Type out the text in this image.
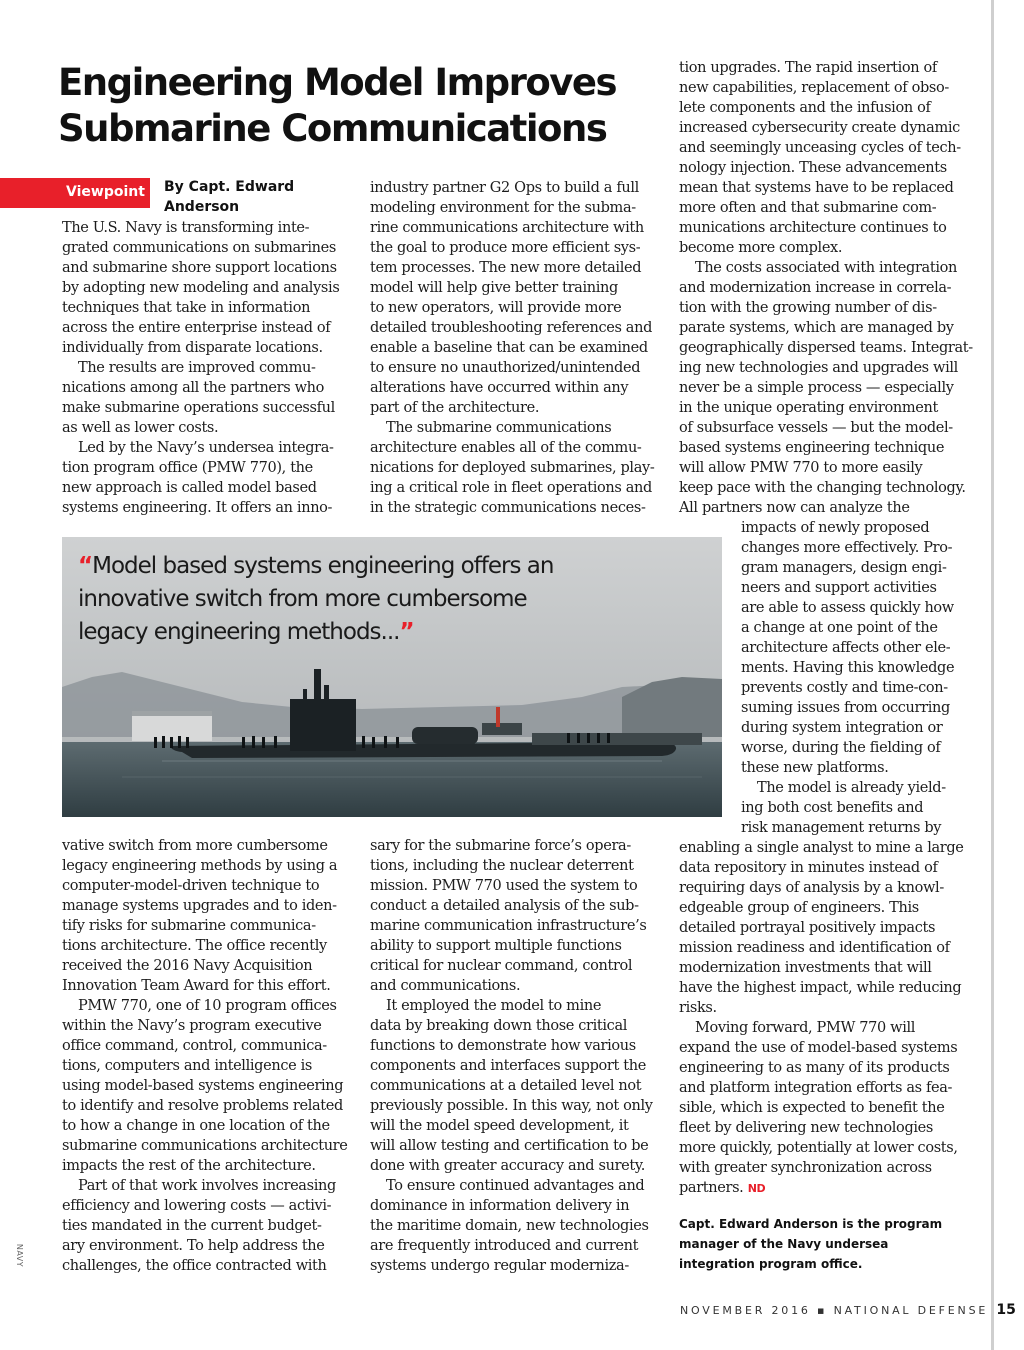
Engineering Model Improves Submarine Communications
Viewpoint By Capt. Edward Anderson

The U.S. Navy is transforming inte-
grated communications on submarines
and submarine shore support locations
by adopting new modeling and analysis
techniques that take in information
across the entire enterprise instead of
individually from disparate locations.

The results are improved commu-
nications among all the partners who
make submarine operations successful
as well as lower costs.

Led by the Navy’s undersea integra-
tion program office (PMW 770), the
new approach is called model based
systems engineering. It offers an inno-

industry partner G2 Ops to build a full
modeling environment for the subma-
rine communications architecture with
the goal to produce more efficient sys-
tem processes. The new more detailed
model will help give better training
to new operators, will provide more
detailed troubleshooting references and
enable a baseline that can be examined
to ensure no unauthorized/unintended
alterations have occurred within any
part of the architecture.

The submarine communications
architecture enables all of the commu-
nications for deployed submarines, play-
ing a critical role in fleet operations and
in the strategic communications neces-

tion upgrades. The rapid insertion of
new capabilities, replacement of obso-
lete components and the infusion of
increased cybersecurity create dynamic
and seemingly unceasing cycles of tech-
nology injection. These advancements
mean that systems have to be replaced
more often and that submarine com-
munications architecture continues to
become more complex.

The costs associated with integration
and modernization increase in correla-
tion with the growing number of dis-
parate systems, which are managed by
geographically dispersed teams. Integrat-
ing new technologies and upgrades will
never be a simple process — especially
in the unique operating environment
of subsurface vessels — but the model-
based systems engineering technique
will allow PMW 770 to more easily
keep pace with the changing technology.

All partners now can analyze the
impacts of newly proposed
changes more effectively. Pro-
gram managers, design engi-
neers and support activities
are able to assess quickly how
a change at one point of the
architecture affects other ele-
ments. Having this knowledge
prevents costly and time-con-
suming issues from occurring
during system integration or
worse, during the fielding of
these new platforms.

The model is already yield-
ing both cost benefits and
risk management returns by
enabling a single analyst to mine a large
data repository in minutes instead of
requiring days of analysis by a knowl-
edgeable group of engineers. This
detailed portrayal positively impacts
mission readiness and identification of
modernization investments that will
have the highest impact, while reducing
risks.

Moving forward, PMW 770 will
expand the use of model-based systems
engineering to as many of its products
and platform integration efforts as fea-
sible, which is expected to benefit the
fleet by delivering new technologies
more quickly, potentially at lower costs,
with greater synchronization across
partners. ND

vative switch from more cumbersome
legacy engineering methods by using a
computer-model-driven technique to
manage systems upgrades and to iden-
tify risks for submarine communica-
tions architecture. The office recently
received the 2016 Navy Acquisition
Innovation Team Award for this effort.

PMW 770, one of 10 program offices
within the Navy’s program executive
office command, control, communica-
tions, computers and intelligence is
using model-based systems engineering
to identify and resolve problems related
to how a change in one location of the
submarine communications architecture
impacts the rest of the architecture.

Part of that work involves increasing
efficiency and lowering costs — activi-
ties mandated in the current budget-
ary environment. To help address the
challenges, the office contracted with

sary for the submarine force’s opera-
tions, including the nuclear deterrent
mission. PMW 770 used the system to
conduct a detailed analysis of the sub-
marine communication infrastructure’s
ability to support multiple functions
critical for nuclear command, control
and communications.

It employed the model to mine
data by breaking down those critical
functions to demonstrate how various
components and interfaces support the
communications at a detailed level not
previously possible. In this way, not only
will the model speed development, it
will allow testing and certification to be
done with greater accuracy and surety.

To ensure continued advantages and
dominance in information delivery in
the maritime domain, new technologies
are frequently introduced and current
systems undergo regular moderniza-

“Model based systems engineering offers an innovative switch from more cumbersome legacy engineering methods...”

Capt. Edward Anderson is the program manager of the Navy undersea integration program office.

NAVY
NOVEMBER 2016 ▪ NATIONAL DEFENSE 15
